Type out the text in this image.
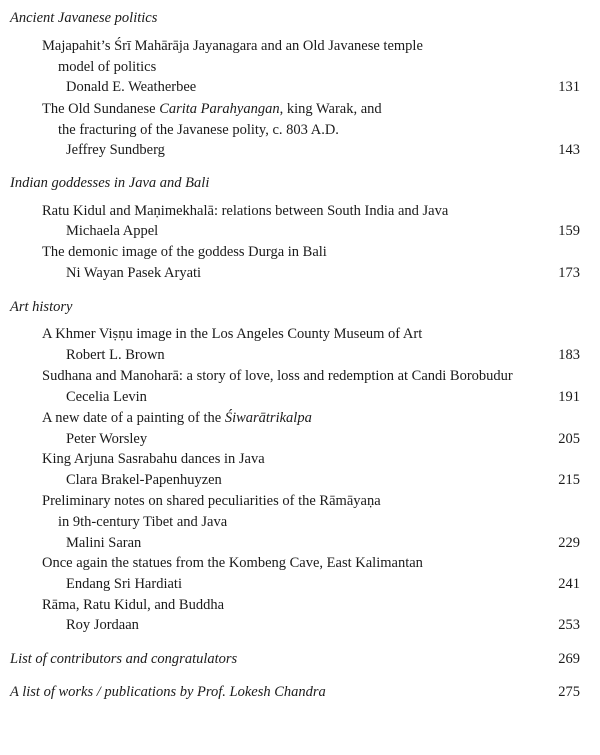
Ancient Javanese politics
Majapahit’s Śrī Mahārāja Jayanagara and an Old Javanese temple
model of politics
Donald E. Weatherbee	131
The Old Sundanese Carita Parahyangan, king Warak, and
the fracturing of the Javanese polity, c. 803 A.D.
Jeffrey Sundberg	143
Indian goddesses in Java and Bali
Ratu Kidul and Maṇimekhalā: relations between South India and Java
Michaela Appel	159
The demonic image of the goddess Durga in Bali
Ni Wayan Pasek Aryati	173
Art history
A Khmer Viṣṇu image in the Los Angeles County Museum of Art
Robert L. Brown	183
Sudhana and Manoharā: a story of love, loss and redemption at Candi Borobudur
Cecelia Levin	191
A new date of a painting of the Śiwarātrikalpa
Peter Worsley	205
King Arjuna Sasrabahu dances in Java
Clara Brakel-Papenhuyzen	215
Preliminary notes on shared peculiarities of the Rāmāyaṇa
in 9th-century Tibet and Java
Malini Saran	229
Once again the statues from the Kombeng Cave, East Kalimantan
Endang Sri Hardiati	241
Rāma, Ratu Kidul, and Buddha
Roy Jordaan	253
List of contributors and congratulators	269
A list of works / publications by Prof. Lokesh Chandra	275
